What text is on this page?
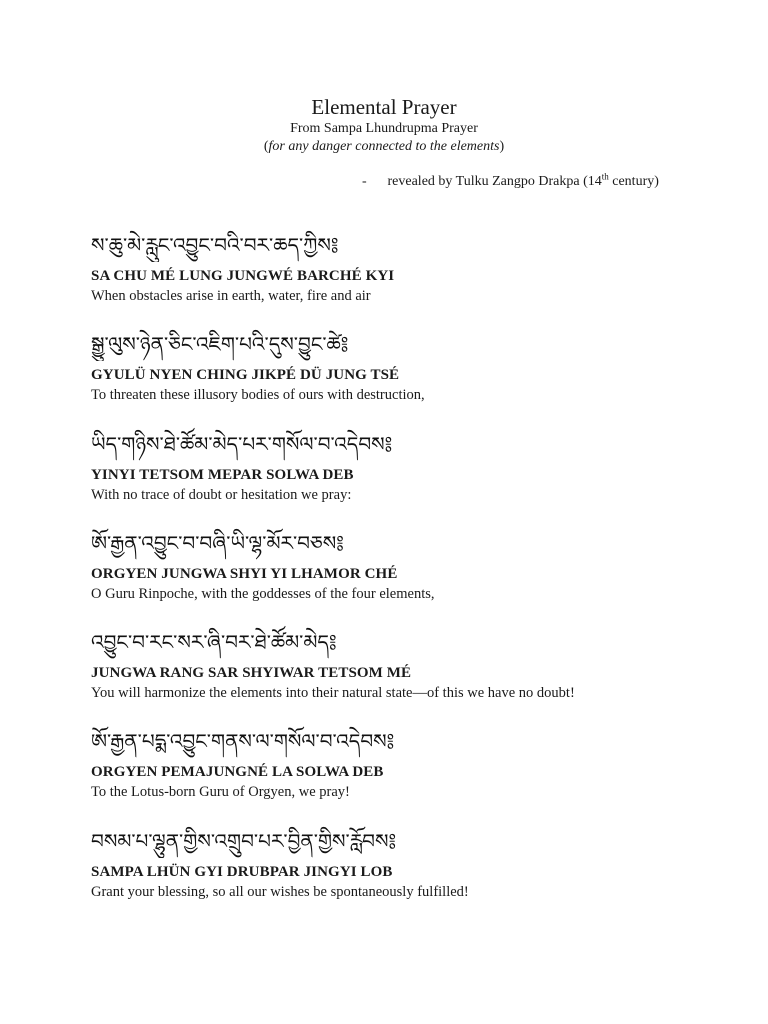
Elemental Prayer

From Sampa Lhundrupma Prayer

(for any danger connected to the elements)

- revealed by Tulku Zangpo Drakpa (14th century)
ས་ཆུ་མེ་རླུང་འབྱུང་བའི་བར་ཆད་ཀྱིས༔
SA CHU MÉ LUNG JUNGWÉ BARCHÉ KYI
When obstacles arise in earth, water, fire and air
སྒྱུ་ལུས་ཉེན་ཅིང་འཇིག་པའི་དུས་བྱུང་ཚེ༔
GYULÜ NYEN CHING JIKPÉ DÜ JUNG TSÉ
To threaten these illusory bodies of ours with destruction,
ཡིད་གཉིས་ཐེ་ཚོམ་མེད་པར་གསོལ་བ་འདེབས༔
YINYI TETSOM MEPAR SOLWA DEB
With no trace of doubt or hesitation we pray:
ཨོ་རྒྱན་འབྱུང་བ་བཞི་ཡི་ལྷ་མོར་བཅས༔
ORGYEN JUNGWA SHYI YI LHAMOR CHÉ
O Guru Rinpoche, with the goddesses of the four elements,
འབྱུང་བ་རང་སར་ཞི་བར་ཐེ་ཚོམ་མེད༔
JUNGWA RANG SAR SHYIWAR TETSOM MÉ
You will harmonize the elements into their natural state—of this we have no doubt!
ཨོ་རྒྱན་པདྨ་འབྱུང་གནས་ལ་གསོལ་བ་འདེབས༔
ORGYEN PEMAJUNGNÉ LA SOLWA DEB
To the Lotus-born Guru of Orgyen, we pray!
བསམ་པ་ལྷུན་གྱིས་འགྲུབ་པར་བྱིན་གྱིས་རློབས༔
SAMPA LHÜN GYI DRUBPAR JINGYI LOB
Grant your blessing, so all our wishes be spontaneously fulfilled!
